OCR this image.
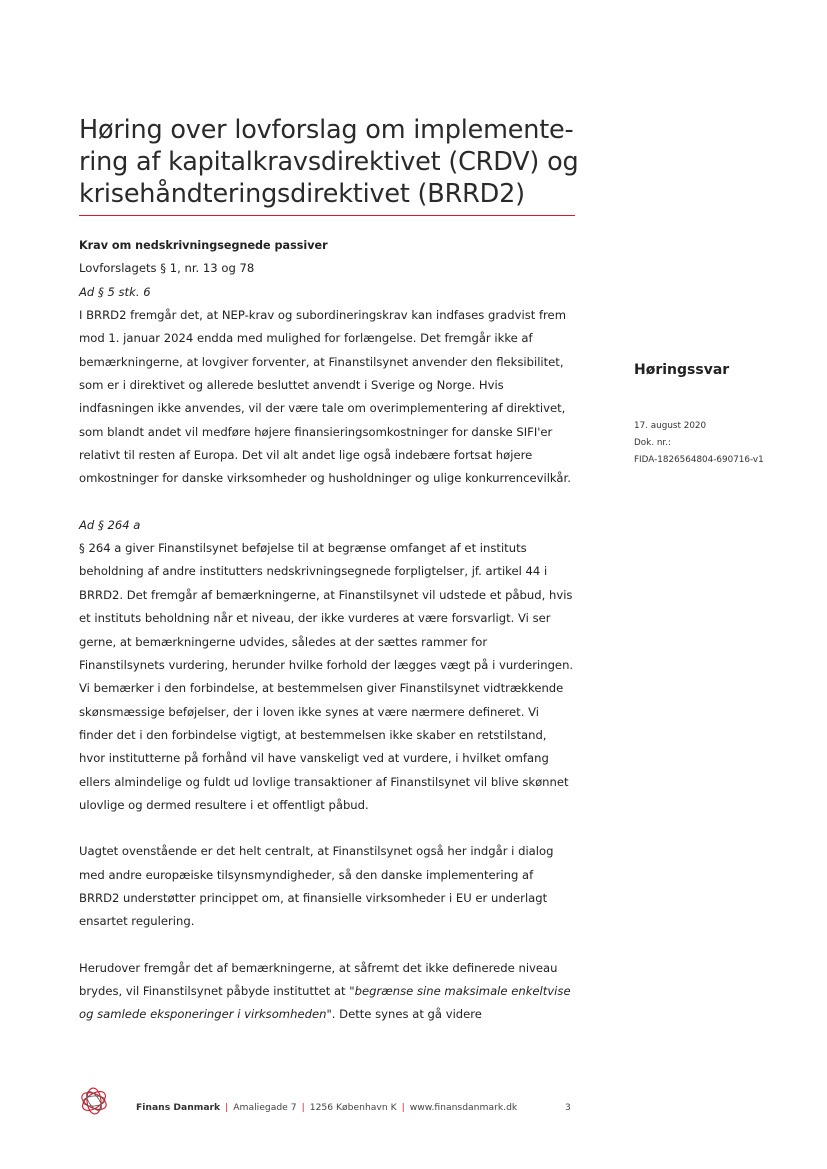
Høring over lovforslag om implemente-
ring af kapitalkravsdirektivet (CRDV) og
krisehåndteringsdirektivet (BRRD2)

Krav om nedskrivningsegnede passiver

Lovforslagets § 1, nr. 13 og 78

Ad § 5 stk. 6

I BRRD2 fremgår det, at NEP-krav og subordineringskrav kan indfases gradvist frem mod 1. januar 2024 endda med mulighed for forlængelse. Det fremgår ikke af bemærkningerne, at lovgiver forventer, at Finanstilsynet anvender den fleksibilitet, som er i direktivet og allerede besluttet anvendt i Sverige og Norge. Hvis indfasningen ikke anvendes, vil der være tale om overimplementering af direktivet, som blandt andet vil medføre højere finansieringsomkostninger for danske SIFI'er relativt til resten af Europa. Det vil alt andet lige også indebære fortsat højere omkostninger for danske virksomheder og husholdninger og ulige konkurrencevilkår.

Ad § 264 a

§ 264 a giver Finanstilsynet beføjelse til at begrænse omfanget af et instituts beholdning af andre institutters nedskrivningsegnede forpligtelser, jf. artikel 44 i BRRD2. Det fremgår af bemærkningerne, at Finanstilsynet vil udstede et påbud, hvis et instituts beholdning når et niveau, der ikke vurderes at være forsvarligt. Vi ser gerne, at bemærkningerne udvides, således at der sættes rammer for Finanstilsynets vurdering, herunder hvilke forhold der lægges vægt på i vurderingen. Vi bemærker i den forbindelse, at bestemmelsen giver Finanstilsynet vidtrækkende skønsmæssige beføjelser, der i loven ikke synes at være nærmere defineret. Vi finder det i den forbindelse vigtigt, at bestemmelsen ikke skaber en retstilstand, hvor institutterne på forhånd vil have vanskeligt ved at vurdere, i hvilket omfang ellers almindelige og fuldt ud lovlige transaktioner af Finanstilsynet vil blive skønnet ulovlige og dermed resultere i et offentligt påbud.

Uagtet ovenstående er det helt centralt, at Finanstilsynet også her indgår i dialog med andre europæiske tilsynsmyndigheder, så den danske implementering af BRRD2 understøtter princippet om, at finansielle virksomheder i EU er underlagt ensartet regulering.

Herudover fremgår det af bemærkningerne, at såfremt det ikke definerede niveau brydes, vil Finanstilsynet påbyde instituttet at "begrænse sine maksimale enkeltvise og samlede eksponeringer i virksomheden". Dette synes at gå videre

Høringssvar

17. august 2020
Dok. nr.:
FIDA-1826564804-690716-v1
Finans Danmark | Amaliegade 7 | 1256 København K | www.finansdanmark.dk	3
